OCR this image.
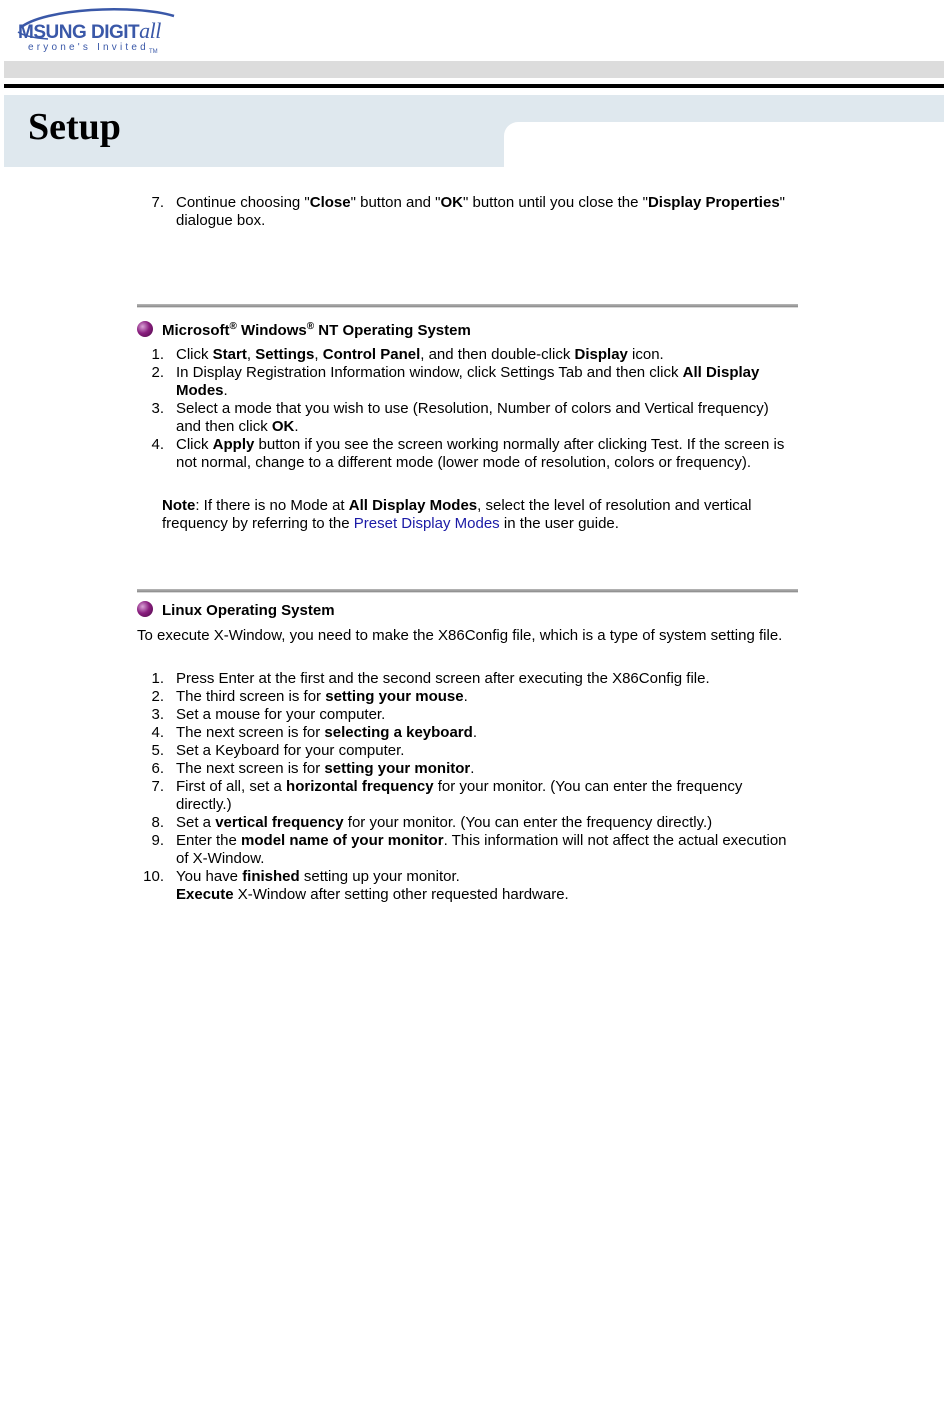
MSUNG DIGITall
eryone's Invited$_{TM}$
Setup
7. Continue choosing "Close" button and "OK" button until you close the "Display Properties" dialogue box.
Microsoft® Windows® NT Operating System
1. Click Start, Settings, Control Panel, and then double-click Display icon.
2. In Display Registration Information window, click Settings Tab and then click All Display Modes.
3. Select a mode that you wish to use (Resolution, Number of colors and Vertical frequency) and then click OK.
4. Click Apply button if you see the screen working normally after clicking Test. If the screen is not normal, change to a different mode (lower mode of resolution, colors or frequency).
Note: If there is no Mode at All Display Modes, select the level of resolution and vertical frequency by referring to the Preset Display Modes in the user guide.
Linux Operating System
To execute X-Window, you need to make the X86Config file, which is a type of system setting file.
1. Press Enter at the first and the second screen after executing the X86Config file.
2. The third screen is for setting your mouse.
3. Set a mouse for your computer.
4. The next screen is for selecting a keyboard.
5. Set a Keyboard for your computer.
6. The next screen is for setting your monitor.
7. First of all, set a horizontal frequency for your monitor. (You can enter the frequency directly.)
8. Set a vertical frequency for your monitor. (You can enter the frequency directly.)
9. Enter the model name of your monitor. This information will not affect the actual execution of X-Window.
10. You have finished setting up your monitor.
Execute X-Window after setting other requested hardware.
